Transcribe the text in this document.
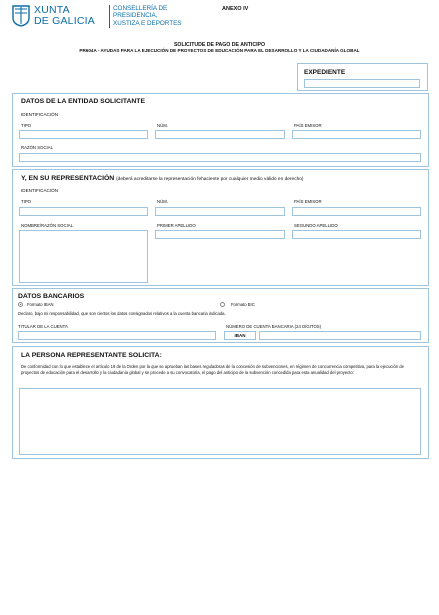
XUNTA
DE GALICIA
CONSELLERÍA DE
PRESIDENCIA,
XUSTIZA E DEPORTES
ANEXO IV
SOLICITUDE DE PAGO DE ANTICIPO
PR604A - AYUDAS PARA LA EJECUCIÓN DE PROYECTOS DE EDUCACIÓN PARA EL DESARROLLO Y LA CIUDADANÍA GLOBAL
EXPEDIENTE
DATOS DE LA ENTIDAD SOLICITANTE
IDENTIFICACIÓN
TIPO	NÚM.	PAÍS EMISOR
RAZÓN SOCIAL
Y, EN SU REPRESENTACIÓN (deberá acreditarse la representación fehaciente por cualquier medio válido en derecho)
IDENTIFICACIÓN
TIPO	NÚM.	PAÍS EMISOR
NOMBRE/RAZÓN SOCIAL	PRIMER APELLIDO	SEGUNDO APELLIDO
DATOS BANCARIOS
Formato IBAN	Formato BIC
Declaro, bajo mi responsabilidad, que son ciertos los datos consignados relativos a la cuenta bancaria indicada.
TITULAR DE LA CUENTA	NÚMERO DE CUENTA BANCARIA (24 DÍGITOS)
IBAN
LA PERSONA REPRESENTANTE SOLICITA:
De conformidad con lo que establece el artículo 19 de la Orden por la que se aprueban las bases reguladoras de la concesión de subvenciones, en régimen de concurrencia competitiva, para la ejecución de proyectos de educación para el desarrollo y la ciudadanía global y se procede a su convocatoria, el pago del anticipo de la subvención concedida para esta anualidad del proyecto:
